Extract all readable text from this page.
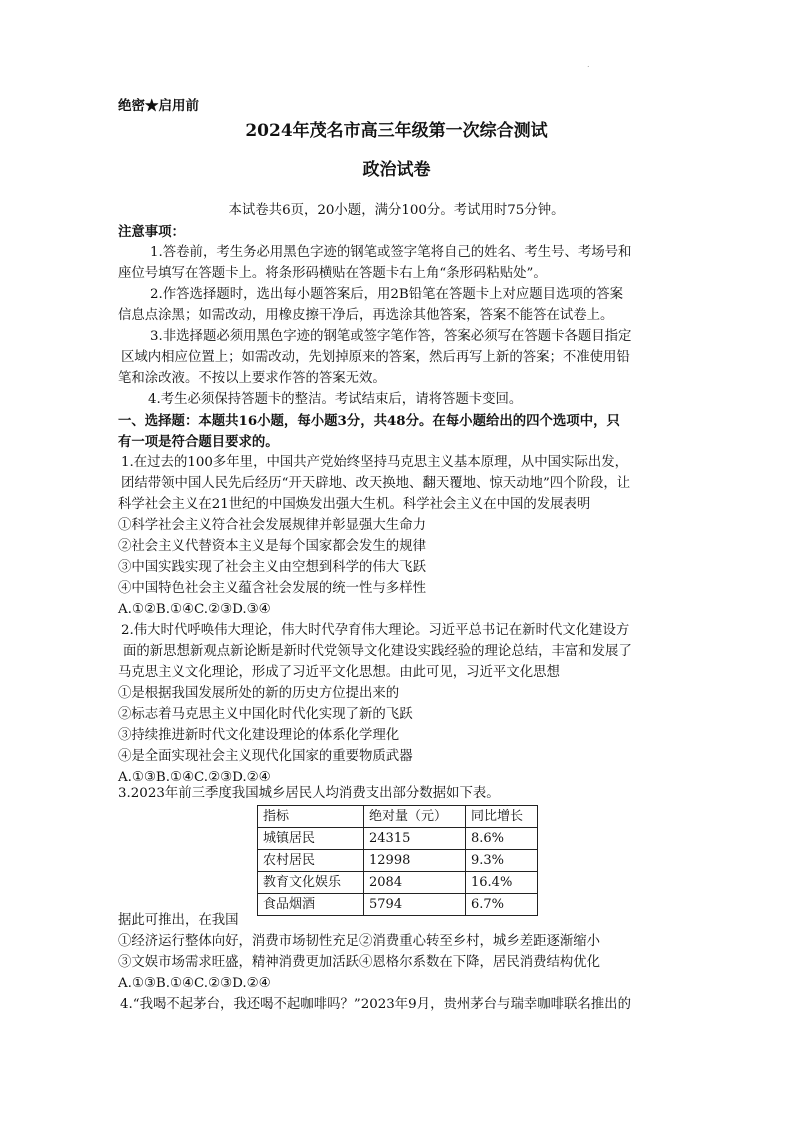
.
绝密★启用前
2024年茂名市高三年级第一次综合测试
政治试卷
本试卷共6页，20小题，满分100分。考试用时75分钟。
注意事项：
1.答卷前，考生务必用黑色字迹的钢笔或签字笔将自己的姓名、考生号、考场号和
座位号填写在答题卡上。将条形码横贴在答题卡右上角“条形码粘贴处”。
2.作答选择题时，选出每小题答案后，用2B铅笔在答题卡上对应题目选项的答案
信息点涂黑；如需改动，用橡皮擦干净后，再选涂其他答案，答案不能答在试卷上。
3.非选择题必须用黑色字迹的钢笔或签字笔作答，答案必须写在答题卡各题目指定
区域内相应位置上；如需改动，先划掉原来的答案，然后再写上新的答案；不准使用铅
笔和涂改液。不按以上要求作答的答案无效。
4.考生必须保持答题卡的整洁。考试结束后，请将答题卡变回。
一、选择题：本题共16小题，每小题3分，共48分。在每小题给出的四个选项中，只
有一项是符合题目要求的。
1.在过去的100多年里，中国共产党始终坚持马克思主义基本原理，从中国实际出发，
团结带领中国人民先后经历“开天辟地、改天换地、翻天覆地、惊天动地”四个阶段，让
科学社会主义在21世纪的中国焕发出强大生机。科学社会主义在中国的发展表明
①科学社会主义符合社会发展规律并彰显强大生命力
②社会主义代替资本主义是每个国家都会发生的规律
③中国实践实现了社会主义由空想到科学的伟大飞跃
④中国特色社会主义蕴含社会发展的统一性与多样性
A.①②B.①④C.②③D.③④
2.伟大时代呼唤伟大理论，伟大时代孕育伟大理论。习近平总书记在新时代文化建设方
面的新思想新观点新论断是新时代党领导文化建设实践经验的理论总结，丰富和发展了
马克思主义文化理论，形成了习近平文化思想。由此可见，习近平文化思想
①是根据我国发展所处的新的历史方位提出来的
②标志着马克思主义中国化时代化实现了新的飞跃
③持续推进新时代文化建设理论的体系化学理化
④是全面实现社会主义现代化国家的重要物质武器
A.①③B.①④C.②③D.②④
3.2023年前三季度我国城乡居民人均消费支出部分数据如下表。
指标	绝对量（元）	同比增长
城镇居民	24315	8.6%
农村居民	12998	9.3%
教育文化娱乐	2084	16.4%
食品烟酒	5794	6.7%
据此可推出，在我国
①经济运行整体向好，消费市场韧性充足②消费重心转至乡村，城乡差距逐渐缩小
③文娱市场需求旺盛，精神消费更加活跃④恩格尔系数在下降，居民消费结构优化
A.①③B.①④C.②③D.②④
4.“我喝不起茅台，我还喝不起咖啡吗？”2023年9月，贵州茅台与瑞幸咖啡联名推出的
